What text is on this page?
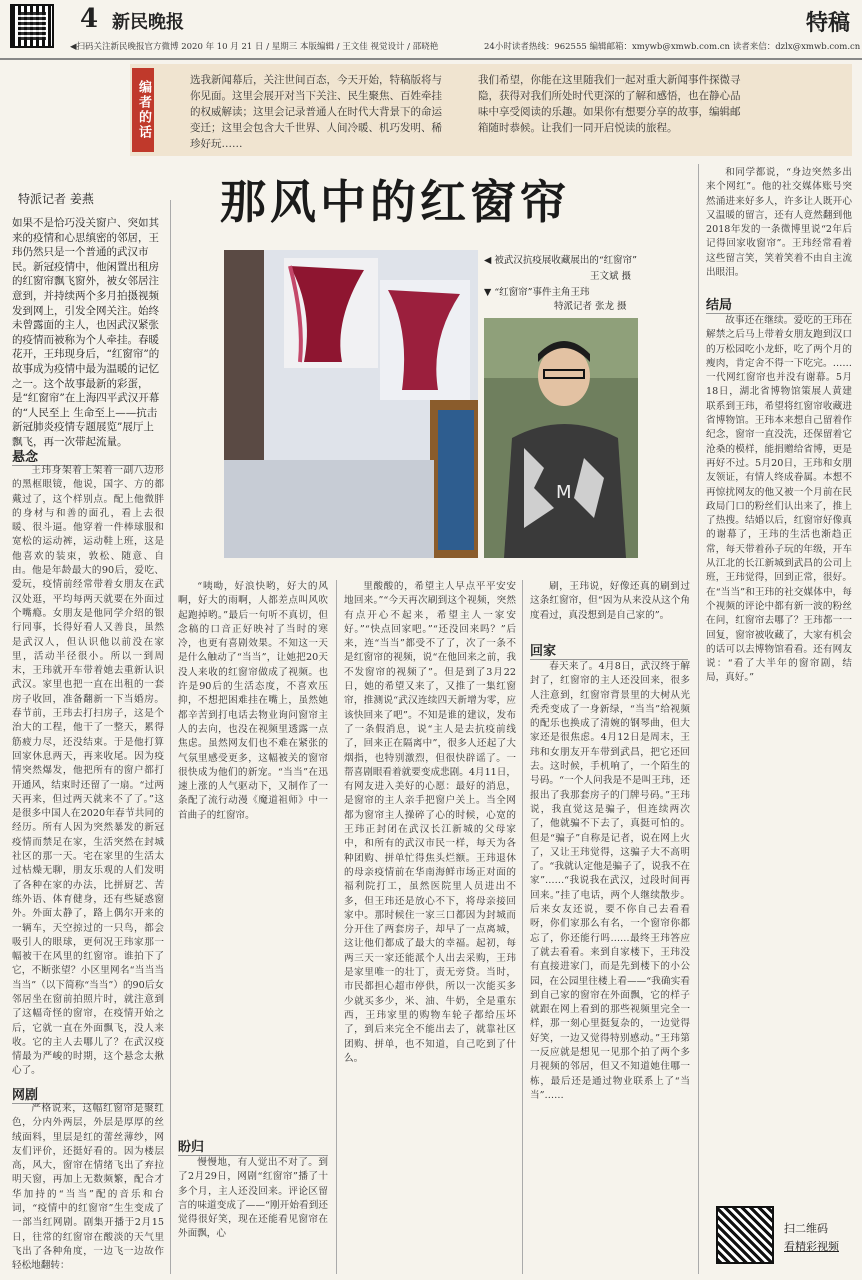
4 新民晚报	特稿
◀扫码关注新民晚报官方微博 2020 年 10 月 21 日 / 星期三 本版编辑 / 王文佳 视觉设计 / 邵晓艳	24小时读者热线：962555 编辑邮箱：xmywb@xmwb.com.cn 读者来信：dzlx@xmwb.com.cn
编者的话	选我新闻幕后，关注世间百态，今天开始，特稿版将与你见面。这里会展开对当下关注、民生聚焦、百姓牵挂的权威解读；这里会记录普通人在时代大背景下的命运变迁；这里会包含大千世界、人间冷暖、机巧发明、稀珍好玩……
我们希望，你能在这里随我们一起对重大新闻事件探微寻隐，获得对我们所处时代更深的了解和感悟，也在静心品味中享受阅读的乐趣。如果你有想要分享的故事，编辑邮箱随时恭候。让我们一同开启悦读的旅程。
那风中的红窗帘
特派记者 姜燕
如果不是恰巧没关窗户、突如其来的疫情和心思缜密的邻居，王玮仍然只是一个普通的武汉市民。新冠疫情中，他闲置出租房的红窗帘飘飞窗外，被女邻居注意到，并持续两个多月拍摄视频发到网上，引发全网关注。始终未曾露面的主人，也因武汉紧张的疫情而被称为个人牵挂。春暖花开，王玮现身后，“红窗帘”的故事成为疫情中最为温暖的记忆之一。这个故事最新的彩蛋，是“红窗帘”在上海四平武汉开幕的“人民至上 生命至上——抗击新冠肺炎疫情专题展览”展厅上飘飞，再一次带起流量。
悬念

王玮身架着上架着一副八边形的黑框眼镜，他说，国字、方的都戴过了，这个样别点。配上他微胖的身材与和善的面孔，看上去很暖、很斗逼。他穿着一件棒球服和宽松的运动裤，运动鞋上班，这是他喜欢的装束，敦松、随意、自由。他是年龄最大的90后，爱吃、爱玩，疫情前经常带着女朋友在武汉处逛，平均每两天就要在外面过个嘴瘾。女朋友是他同学介绍的银行同事，长得好看人又善良，虽然是武汉人，但认识他以前没在家里，活动半径很小。所以一到周末，王玮就开车带着她去重新认识武汉。家里也把一直在出租的一套房子收回，准备翻新一下当婚房。春节前，王玮去打扫房子，这是个治大的工程，他干了一整天，累得筋疲力尽，还没结束。于是他打算回家休息两天，再来收尾。因为疫情突然爆发，他把所有的窗户都打开通风，结束时还留了一扇。“过两天再来，但过两天就来不了了。”这是很多中国人在2020年春节共同的经历。所有人因为突然暴发的新冠疫情而禁足在家，生活突然在封城社区的那一天。宅在家里的生活太过枯燥无聊，朋友乐观的人们发明了各种在家的办法，比拼厨艺、苦练外语、体育健身，还有些疑惑窗外。外面太静了，路上偶尔开来的一辆车，天空掠过的一只鸟，都会吸引人的眼球，更何况王玮家那一幅被干在风里的红窗帘。谁拍下了它，不断张望？小区里网名“当当当当当”（以下简称“当当”）的90后女邻居坐在窗前拍照片时，就注意到了这幅奇怪的窗帘，在疫情开始之后，它就一直在外面飘飞，没人来收。它的主人去哪儿了？在武汉疫情最为严峻的时期，这个悬念太揪心了。

网剧

严格说来，这幅红窗帘是聚红色，分内外两层，外层是厚厚的丝绒面料，里层是红的蕾丝薄纱，网友们评价，还挺好看的。因为楼层高，风大，窗帘在情绪飞出了弃拉明天窗，再加上无数频繁，配合才华加持的“当当”配的音乐和台词，“疫情中的红窗帘”生生变成了一部当红网剧。剧集开播于2月15日，往常的红窗帘在酸淡的天气里飞出了各种角度，一边飞一边故作轻松地翻转：

◀ 被武汉抗疫展收藏展出的“红窗帘”
王文斌 摄
▼ “红窗帘”事件主角王玮
特派记者 张龙 摄
M

“咦呦，好浪快哟，好大的风啊，好大的雨啊，人都差点叫风吹起跑掉哟。”最后一句听不真切，但念稿的口音正好映衬了当时的寒冷，也更有喜剧效果。不知这一天是什么触动了“当当”，让她把20天没人来收的红窗帘做成了视频。也许是90后的生活态度，不喜欢压抑，不想把困难挂在嘴上，虽然她都辛苦到打电话去物业询问窗帘主人的去向，也没在视频里透露一点焦虑。虽然网友们也不难在紧张的气氛里感受更多，这幅被关的窗帘很快成为他们的新宠。“当当”在迅速上涨的人气驱动下，又制作了一条配了流行动漫《魔道祖师》中一首曲子的红窗帘。

盼归

慢慢地，有人觉出不对了。到了2月29日，网剧“红窗帘”播了十多个月，主人还没回来。评论区留言的味道变成了——“刚开始看到还觉得很好笑，现在还能看见窗帘在外面飘，心

里酸酸的，希望主人早点平平安安地回来。”“今天再次刷到这个视频，突然有点开心不起来，希望主人一家安好。”“快点回家吧。”“还没回来吗？”后来，连“当当”都受不了了，次了一条不是红窗帘的视频，说“在他回来之前，我不发窗帘的视频了”。但是到了3月22日，她的希望又来了，又推了一集红窗帘，推测说“武汉连续四天新增为零，应该快回来了吧”。不知是谁的建议，发布了一条假消息，说“主人是去抗疫前线了，回来正在隔离中”，很多人还起了大烟指，也特别激烈，但很快辟谣了。一帮喜剧眼看着就要变成悲剧。4月11日，有网友进入美好的心愿：最好的消息，是窗帘的主人亲手把窗户关上。当全网都为窗帘主人操碎了心的时候，心宽的王玮正封闭在武汉长江新城的父母家中，和所有的武汉市民一样，每天为各种团购、拼单忙得焦头烂额。王玮退休的母亲疫情前在华南海鲜市场正对面的福利院打工，虽然医院里人员进出不多，但王玮还是放心不下，将母亲接回家中。那时候住一家三口都因为封城而分开住了两套房子，却早了一点离城，这让他们都成了最大的幸福。起初，每两三天一家还能派个人出去采购，王玮是家里唯一的壮丁，责无旁贷。当时，市民都担心超市停供，所以一次能买多少就买多少，米、油、牛奶，全是重东西，王玮家里的购物车轮子都给压坏了，到后来完全不能出去了，就靠社区团购、拼单，也不知道，自己吃到了什么。

刷，王玮说，好像还真的刷到过这条红窗帘，但“因为从来没从这个角度看过，真没想到是自己家的”。

回家

春天来了。4月8日，武汉终于解封了，红窗帘的主人还没回来，很多人注意到，红窗帘背景里的大树从光秃秃变成了一身新绿，“当当”给视频的配乐也换成了清婉的钢琴曲，但大家还是很焦虑。4月12日是周末，王玮和女朋友开车带到武昌，把它还回去。这时候，手机响了，一个陌生的号码。“一个人问我是不是叫王玮，还报出了我那套房子的门牌号码。”王玮说，我直觉这是骗子，但连续两次了，他就骗不下去了，真挺可怕的。但是“骗子”自称是记者，说在网上火了，又让王玮觉得，这骗子大不高明了。“我就认定他是骗子了，说我不在家”……“我说我在武汉，过段时间再回来。”挂了电话，两个人继续散步。后来女友还说，要不你自己去看看呀，你们家那么有名，一个窗帘你都忘了，你还能行吗……最终王玮答应了就去看看。来到自家楼下，王玮没有直接进家门，而是先到楼下的小公园，在公园里往楼上看——“我确实看到自己家的窗帘在外面飘，它的样子就跟在网上看到的那些视频里完全一样，那一刻心里挺复杂的，一边觉得好笑，一边又觉得特别感动。”王玮第一反应就是想见一见那个拍了两个多月视频的邻居，但又不知道她住哪一栋，最后还是通过物业联系上了“当当”……

和同学都说，“身边突然多出来个网红”。他的社交媒体账号突然涌进来好多人，许多让人既开心又温暖的留言，还有人竟然翻到他2018年发的一条微博里说“2年后记得回家收窗帘”。王玮经常看着这些留言笑，笑着笑着不由自主流出眼泪。

结局

故事还在继续。爱吃的王玮在解禁之后马上带着女朋友跑到汉口的万松园吃小龙虾，吃了两个月的瘦肉，肯定舍不得一下吃完。……一代网红窗帘也并没有谢幕。5月18日，湖北省博物馆策展人黄建联系到王玮，希望将红窗帘收藏进省博物馆。王玮本来想自己留着作纪念，窗帘一直没洗，还保留着它沧桑的模样，能捐赠给省博，更是再好不过。5月20日，王玮和女朋友领证，有情人终成眷属。本想不再惊扰网友的他又被一个月前在民政局门口的粉丝们认出来了，推上了热搜。结婚以后，红窗帘好像真的谢幕了，王玮的生活也渐趋正常，每天带着孙子玩的年级，开车从江北的长江新城到武昌的公司上班，王玮觉得，回到正常，很好。在“当当”和王玮的社交媒体中，每个视频的评论中都有新一波的粉丝在问，红窗帘去哪了？王玮都一一回复，窗帘被收藏了，大家有机会的话可以去博物馆看看。还有网友说：“看了大半年的窗帘剧，结局，真好。”

扫二维码
看精彩视频
